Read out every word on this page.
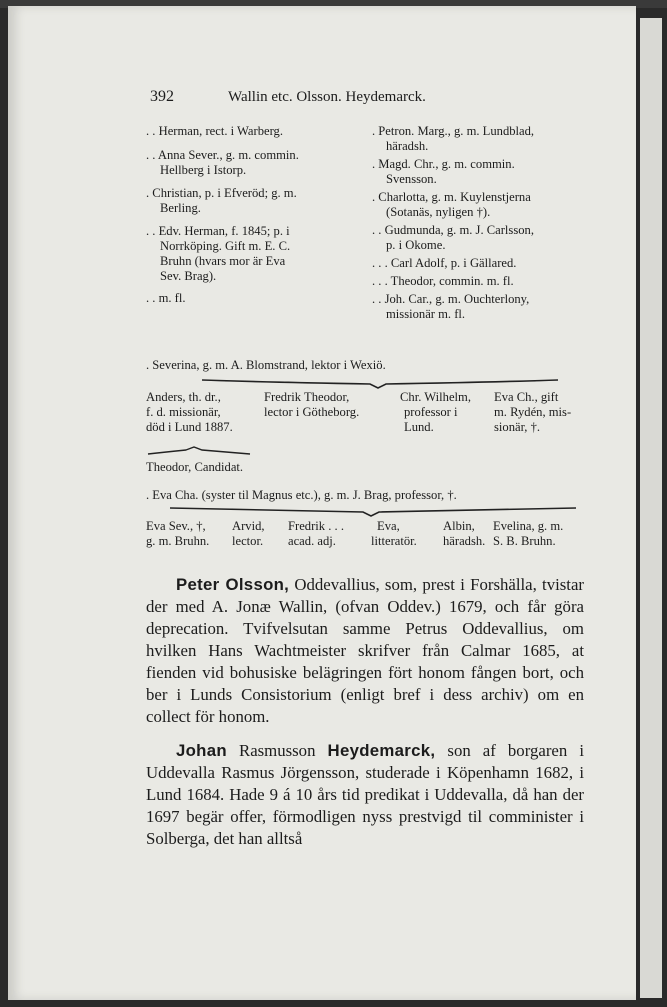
392	Wallin etc. Olsson. Heydemarck.
. . Herman, rect. i Warberg.
. . Anna Sever., g. m. commin.
Hellberg i Istorp.
. Christian, p. i Efveröd; g. m.
Berling.
. . Edv. Herman, f. 1845; p. i
Norrköping. Gift m. E. C.
Bruhn (hvars mor är Eva
Sev. Brag).
. . m. fl.
. Petron. Marg., g. m. Lundblad,
häradsh.
. Magd. Chr., g. m. commin.
Svensson.
. Charlotta, g. m. Kuylenstjerna
(Sotanäs, nyligen †).
. . Gudmunda, g. m. J. Carlsson,
p. i Okome.
. . . Carl Adolf, p. i Gällared.
. . . Theodor, commin. m. fl.
. . Joh. Car., g. m. Ouchterlony,
missionär m. fl.
. Severina, g. m. A. Blomstrand, lektor i Wexiö.
Anders, th. dr.,
f. d. missionär,
död i Lund 1887.
Fredrik Theodor,
lector i Götheborg.
Chr. Wilhelm,
professor i
Lund.
Eva Ch., gift
m. Rydén, mis-
sionär, †.
Theodor, Candidat.
. Eva Cha. (syster til Magnus etc.), g. m. J. Brag, professor, †.
Eva Sev., †,
g. m. Bruhn.
Arvid,
lector.
Fredrik . . .
acad. adj.
Eva,
litteratör.
Albin,
häradsh.
Evelina, g. m.
S. B. Bruhn.

Peter Olsson, Oddevallius, som, prest i Forshälla, tvistar der med A. Jonæ Wallin, (ofvan Oddev.) 1679, och får göra deprecation. Tvifvelsutan samme Petrus Oddevallius, om hvilken Hans Wachtmeister skrifver från Calmar 1685, at fienden vid bohusiske belägringen fört honom fången bort, och ber i Lunds Consistorium (enligt bref i dess archiv) om en collect för honom.

Johan Rasmusson Heydemarck, son af borgaren i Uddevalla Rasmus Jörgensson, studerade i Köpenhamn 1682, i Lund 1684. Hade 9 á 10 års tid predikat i Uddevalla, då han der 1697 begär offer, förmodligen nyss prestvigd til comminister i Solberga, det han alltså
